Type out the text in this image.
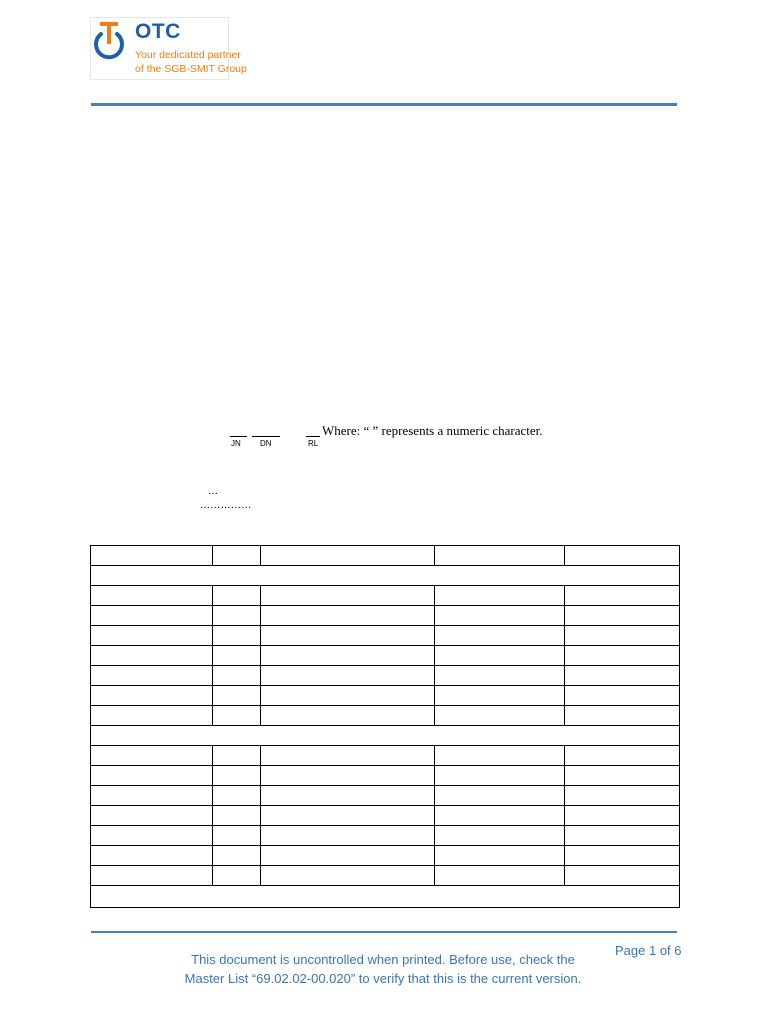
OTC
Your dedicated partner
of the SGB-SMIT Group
JN DN	RL
Where: “ ” represents a numeric character.
…
……………

Page 1 of 6
This document is uncontrolled when printed. Before use, check the
Master List “69.02.02-00.020” to verify that this is the current version.
